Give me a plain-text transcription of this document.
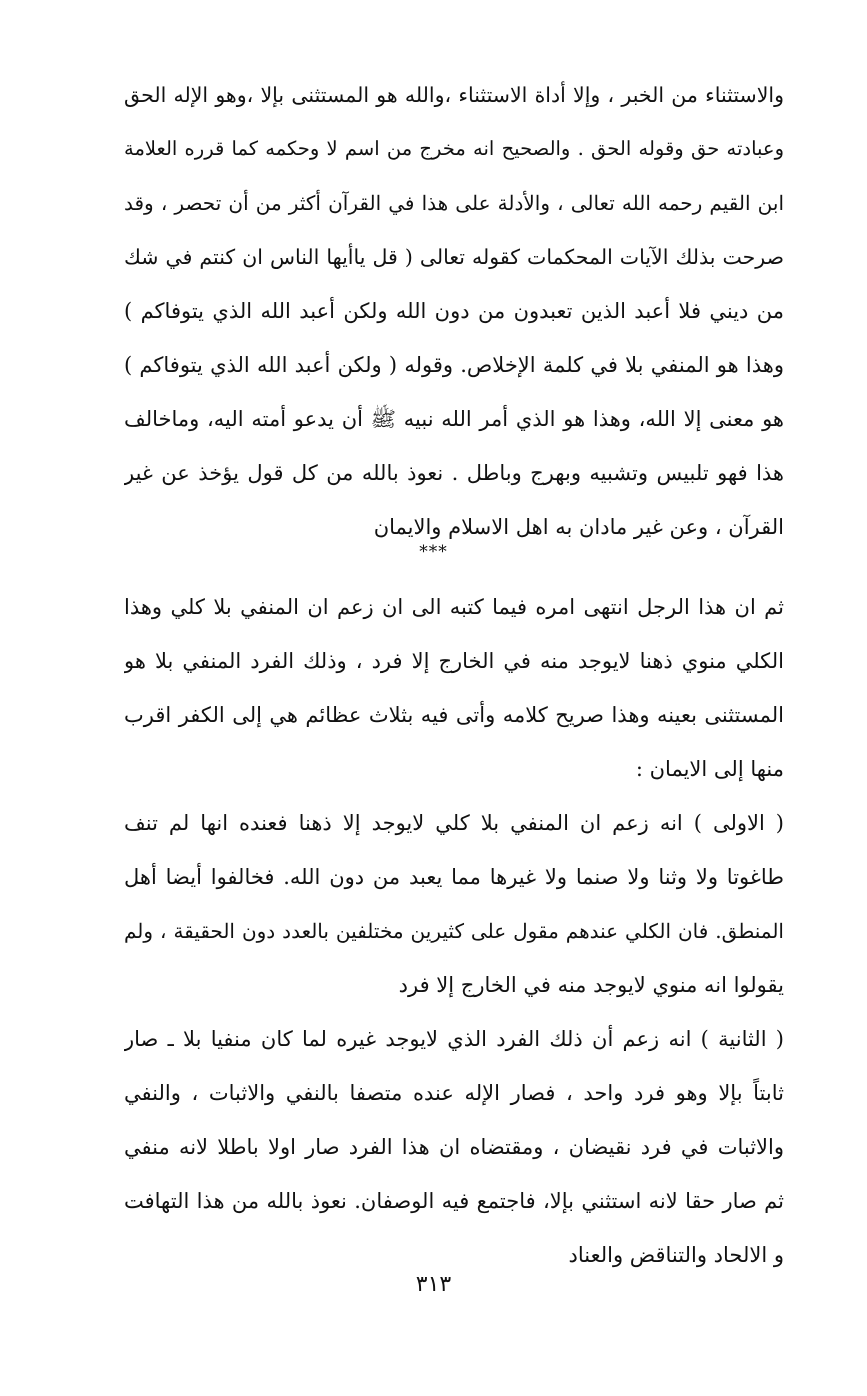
والاستثناء من الخبر ، وإلا أداة الاستثناء ،والله هو المستثنى بإلا ،وهو الإله الحق
وعبادته حق وقوله الحق . والصحيح انه مخرج من اسم لا وحكمه كما قرره العلامة
ابن القيم رحمه الله تعالى ، والأدلة على هذا في القرآن أكثر من أن تحصر ، وقد
صرحت بذلك الآيات المحكمات كقوله تعالى ( قل ياأيها الناس ان كنتم في شك
من ديني فلا أعبد الذين تعبدون من دون الله ولكن أعبد الله الذي يتوفاكم )
وهذا هو المنفي بلا في كلمة الإخلاص. وقوله ( ولكن أعبد الله الذي يتوفاكم )
هو معنى إلا الله، وهذا هو الذي أمر الله نبيه ﷺ أن يدعو أمته اليه، وماخالف
هذا فهو تلبيس وتشبيه وبهرج وباطل . نعوذ بالله من كل قول يؤخذ عن غير
القرآن ، وعن غير مادان به اهل الاسلام والايمان
***
ثم ان هذا الرجل انتهى امره فيما كتبه الى ان زعم ان المنفي بلا كلي وهذا
الكلي منوي ذهنا لايوجد منه في الخارج إلا فرد ، وذلك الفرد المنفي بلا هو
المستثنى بعينه وهذا صريح كلامه وأتى فيه بثلاث عظائم هي إلى الكفر اقرب
منها إلى الايمان :
( الاولى ) انه زعم ان المنفي بلا كلي لايوجد إلا ذهنا فعنده انها لم تنف
طاغوتا ولا وثنا ولا صنما ولا غيرها مما يعبد من دون الله. فخالفوا أيضا أهل
المنطق. فان الكلي عندهم مقول على كثيرين مختلفين بالعدد دون الحقيقة ، ولم
يقولوا انه منوي لايوجد منه في الخارج إلا فرد
( الثانية ) انه زعم أن ذلك الفرد الذي لايوجد غيره لما كان منفيا بلا ـ صار
ثابتاً بإلا وهو فرد واحد ، فصار الإله عنده متصفا بالنفي والاثبات ، والنفي
والاثبات في فرد نقيضان ، ومقتضاه ان هذا الفرد صار اولا باطلا لانه منفي
ثم صار حقا لانه استثني بإلا، فاجتمع فيه الوصفان. نعوذ بالله من هذا التهافت
و الالحاد والتناقض والعناد
٣١٣
